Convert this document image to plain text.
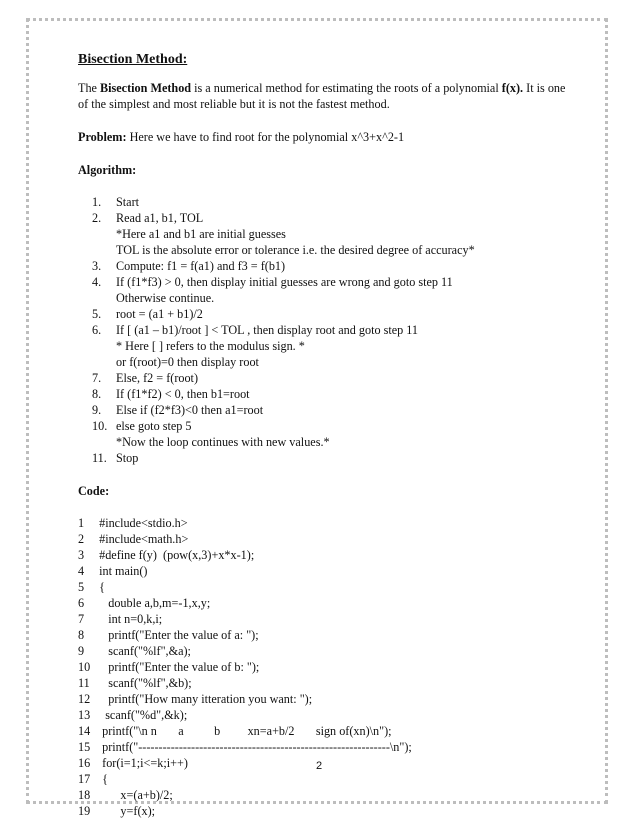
Bisection Method:

The Bisection Method is a numerical method for estimating the roots of a polynomial f(x). It is one of the simplest and most reliable but it is not the fastest method.

Problem: Here we have to find root for the polynomial x^3+x^2-1

Algorithm:
1. Start
2. Read a1, b1, TOL
*Here a1 and b1 are initial guesses
TOL is the absolute error or tolerance i.e. the desired degree of accuracy*
3. Compute: f1 = f(a1) and f3 = f(b1)
4. If (f1*f3) > 0, then display initial guesses are wrong and goto step 11
Otherwise continue.
5. root = (a1 + b1)/2
6. If [ (a1 – b1)/root ] < TOL , then display root and goto step 11
* Here [ ] refers to the modulus sign. *
or f(root)=0 then display root
7. Else, f2 = f(root)
8. If (f1*f2) < 0, then b1=root
9. Else if (f2*f3)<0 then a1=root
10. else goto step 5
*Now the loop continues with new values.*
11. Stop
Code:
1 #include<stdio.h>
2 #include<math.h>
3 #define f(y)  (pow(x,3)+x*x-1);
4 int main()
5 {
6 double a,b,m=-1,x,y;
7 int n=0,k,i;
8 printf("Enter the value of a: ");
9 scanf("%lf",&a);
10 printf("Enter the value of b: ");
11 scanf("%lf",&b);
12 printf("How many itteration you want: ");
13 scanf("%d",&k);
14 printf("\n n       a          b         xn=a+b/2       sign of(xn)\n");
15 printf("--------------------------------------------------------------\n");
16 for(i=1;i<=k;i++)
17 {
18 x=(a+b)/2;
19 y=f(x);
2
